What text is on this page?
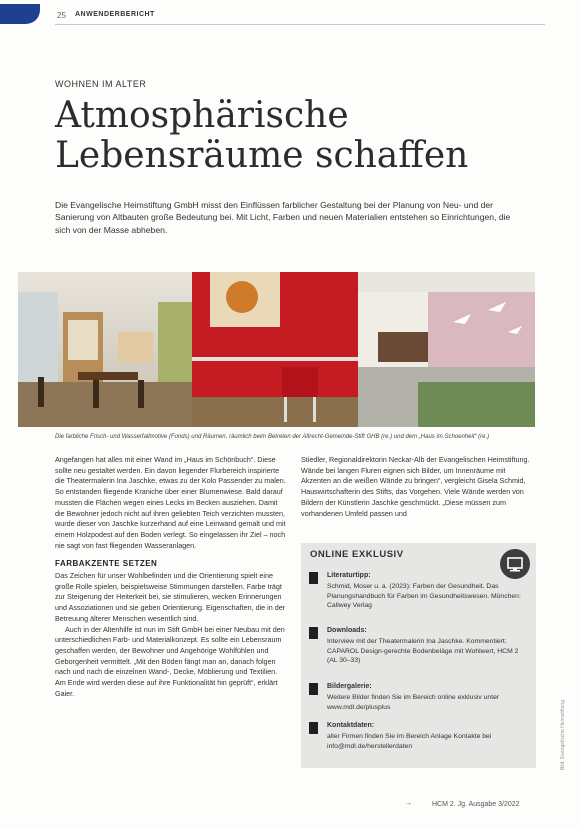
25 ANWENDERBERICHT
WOHNEN IM ALTER
Atmosphärische Lebensräume schaffen
Die Evangelische Heimstiftung GmbH misst den Einflüssen farblicher Gestaltung bei der Planung von Neu- und der Sanierung von Altbauten große Bedeutung bei. Mit Licht, Farben und neuen Materialien entstehen so Einrichtungen, die sich von der Masse abheben.
Die farbliche Frisch- und Wasserfallmotive (Fonds) und Räumen, räumlich beim Betreten der Altrecht-Gemeinde-Stift GHB (re.) und dem „Haus im Schoenheit“ (re.)

Angefangen hat alles mit einer Wand im „Haus im Schönbuch“. Diese sollte neu gestaltet werden. Ein davon liegender Flurbereich inspirierte die Theatermalerin Ina Jaschke, etwas zu der Kolo Passender zu malen. So entstanden fliegende Kraniche über einer Blumenwiese. Bald darauf mussten die Flächen wegen eines Lecks im Becken ausziehen. Damit die Bewohner jedoch nicht auf ihren geliebten Teich verzichten mussten, wurde dieser von Jaschke kurzerhand auf eine Leinwand gemalt und mit einem Holzpodest auf den Boden verlegt. So eingelassen ihr Ziel – noch nie sagt von fast fliegenden Wasseranlagen.

FARBAKZENTE SETZEN

Das Zeichen für unser Wohlbefinden und die Orientierung spielt eine große Rolle spielen, beispielsweise Stimmungen darstellen. Farbe trägt zur Steigerung der Heiterkeit bei, sie stimulieren, wecken Erinnerungen und Assoziationen und sie geben Orientierung. Eigenschaften, die in der Betreuung älterer Menschen wesentlich sind.

Auch in der Altenhilfe ist nun im Stift GmbH bei einer Neubau mit den unterschiedlichen Farb- und Materialkonzept. Es sollte ein Lebensraum geschaffen werden, der Bewohner und Angehörige Wohlfühlen und Geborgenheit vermittelt. „Mit den Böden fängt man an, danach folgen nach und nach die einzelnen Wand-, Decke, Möblierung und Textilien. Am Ende wird werden diese auf ihre Funktionalität hin geprüft“, erklärt Gaier.

Stiedler, Regionaldirektorin Neckar-Alb der Evangelischen Heimstiftung. Wände bei langen Fluren eignen sich Bilder, um Innenräume mit Akzenten an die weißen Wände zu bringen“, vergleicht Gisela Schmid, Hauswirtschafterin des Stifts, das Vorgehen. Viele Wände werden von Bildern der Künstlerin Jaschke geschmückt. „Diese müssen zum vorhandenen Umfeld passen und

ONLINE EXKLUSIV
Literaturtipp:
Schmid, Moser u. a. (2023): Farben der Gesundheit. Das Planungshandbuch für Farben im Gesundheitswesen. München: Callwey Verlag
Downloads:
Interview mit der Theatermalerin Ina Jaschke. Kommentiert: CAPAROL Design-gerechte Bodenbeläge mit Wohlwert, HCM 2 (AL 30–33)
Bildergalerie:
Weitere Bilder finden Sie im Bereich online exklusiv unter www.mdl.de/plusplus
Kontaktdaten:
aller Firmen finden Sie im Bereich Anlage Kontakte bei info@mdl.de/herstellerdaten	Bild: Evangelische Heimstiftung
→	HCM 2. Jg. Ausgabe 3/2022
